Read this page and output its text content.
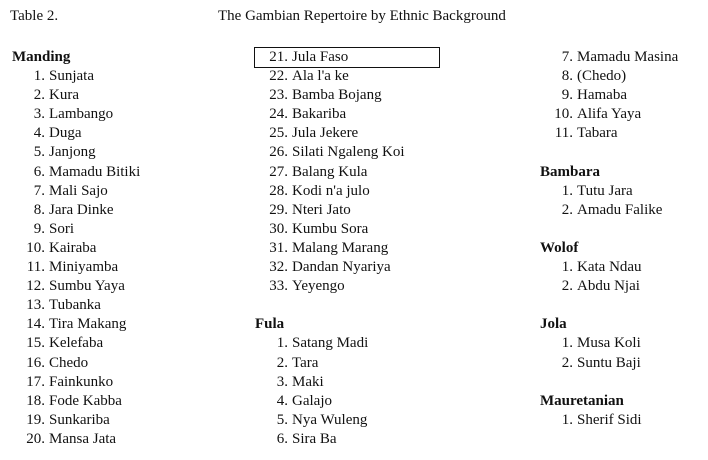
Table 2.	The Gambian Repertoire by Ethnic Background
Manding
1. Sunjata
2. Kura
3. Lambango
4. Duga
5. Janjong
6. Mamadu Bitiki
7. Mali Sajo
8. Jara Dinke
9. Sori
10. Kairaba
11. Miniyamba
12. Sumbu Yaya
13. Tubanka
14. Tira Makang
15. Kelefaba
16. Chedo
17. Fainkunko
18. Fode Kabba
19. Sunkariba
20. Mansa Jata
21. Jula Faso
22. Ala l'a ke
23. Bamba Bojang
24. Bakariba
25. Jula Jekere
26. Silati Ngaleng Koi
27. Balang Kula
28. Kodi n'a julo
29. Nteri Jato
30. Kumbu Sora
31. Malang Marang
32. Dandan Nyariya
33. Yeyengo
Fula
1. Satang Madi
2. Tara
3. Maki
4. Galajo
5. Nya Wuleng
6. Sira Ba
7. Mamadu Masina
8. (Chedo)
9. Hamaba
10. Alifa Yaya
11. Tabara
Bambara
1. Tutu Jara
2. Amadu Falike
Wolof
1. Kata Ndau
2. Abdu Njai
Jola
1. Musa Koli
2. Suntu Baji
Mauretanian
1. Sherif Sidi
